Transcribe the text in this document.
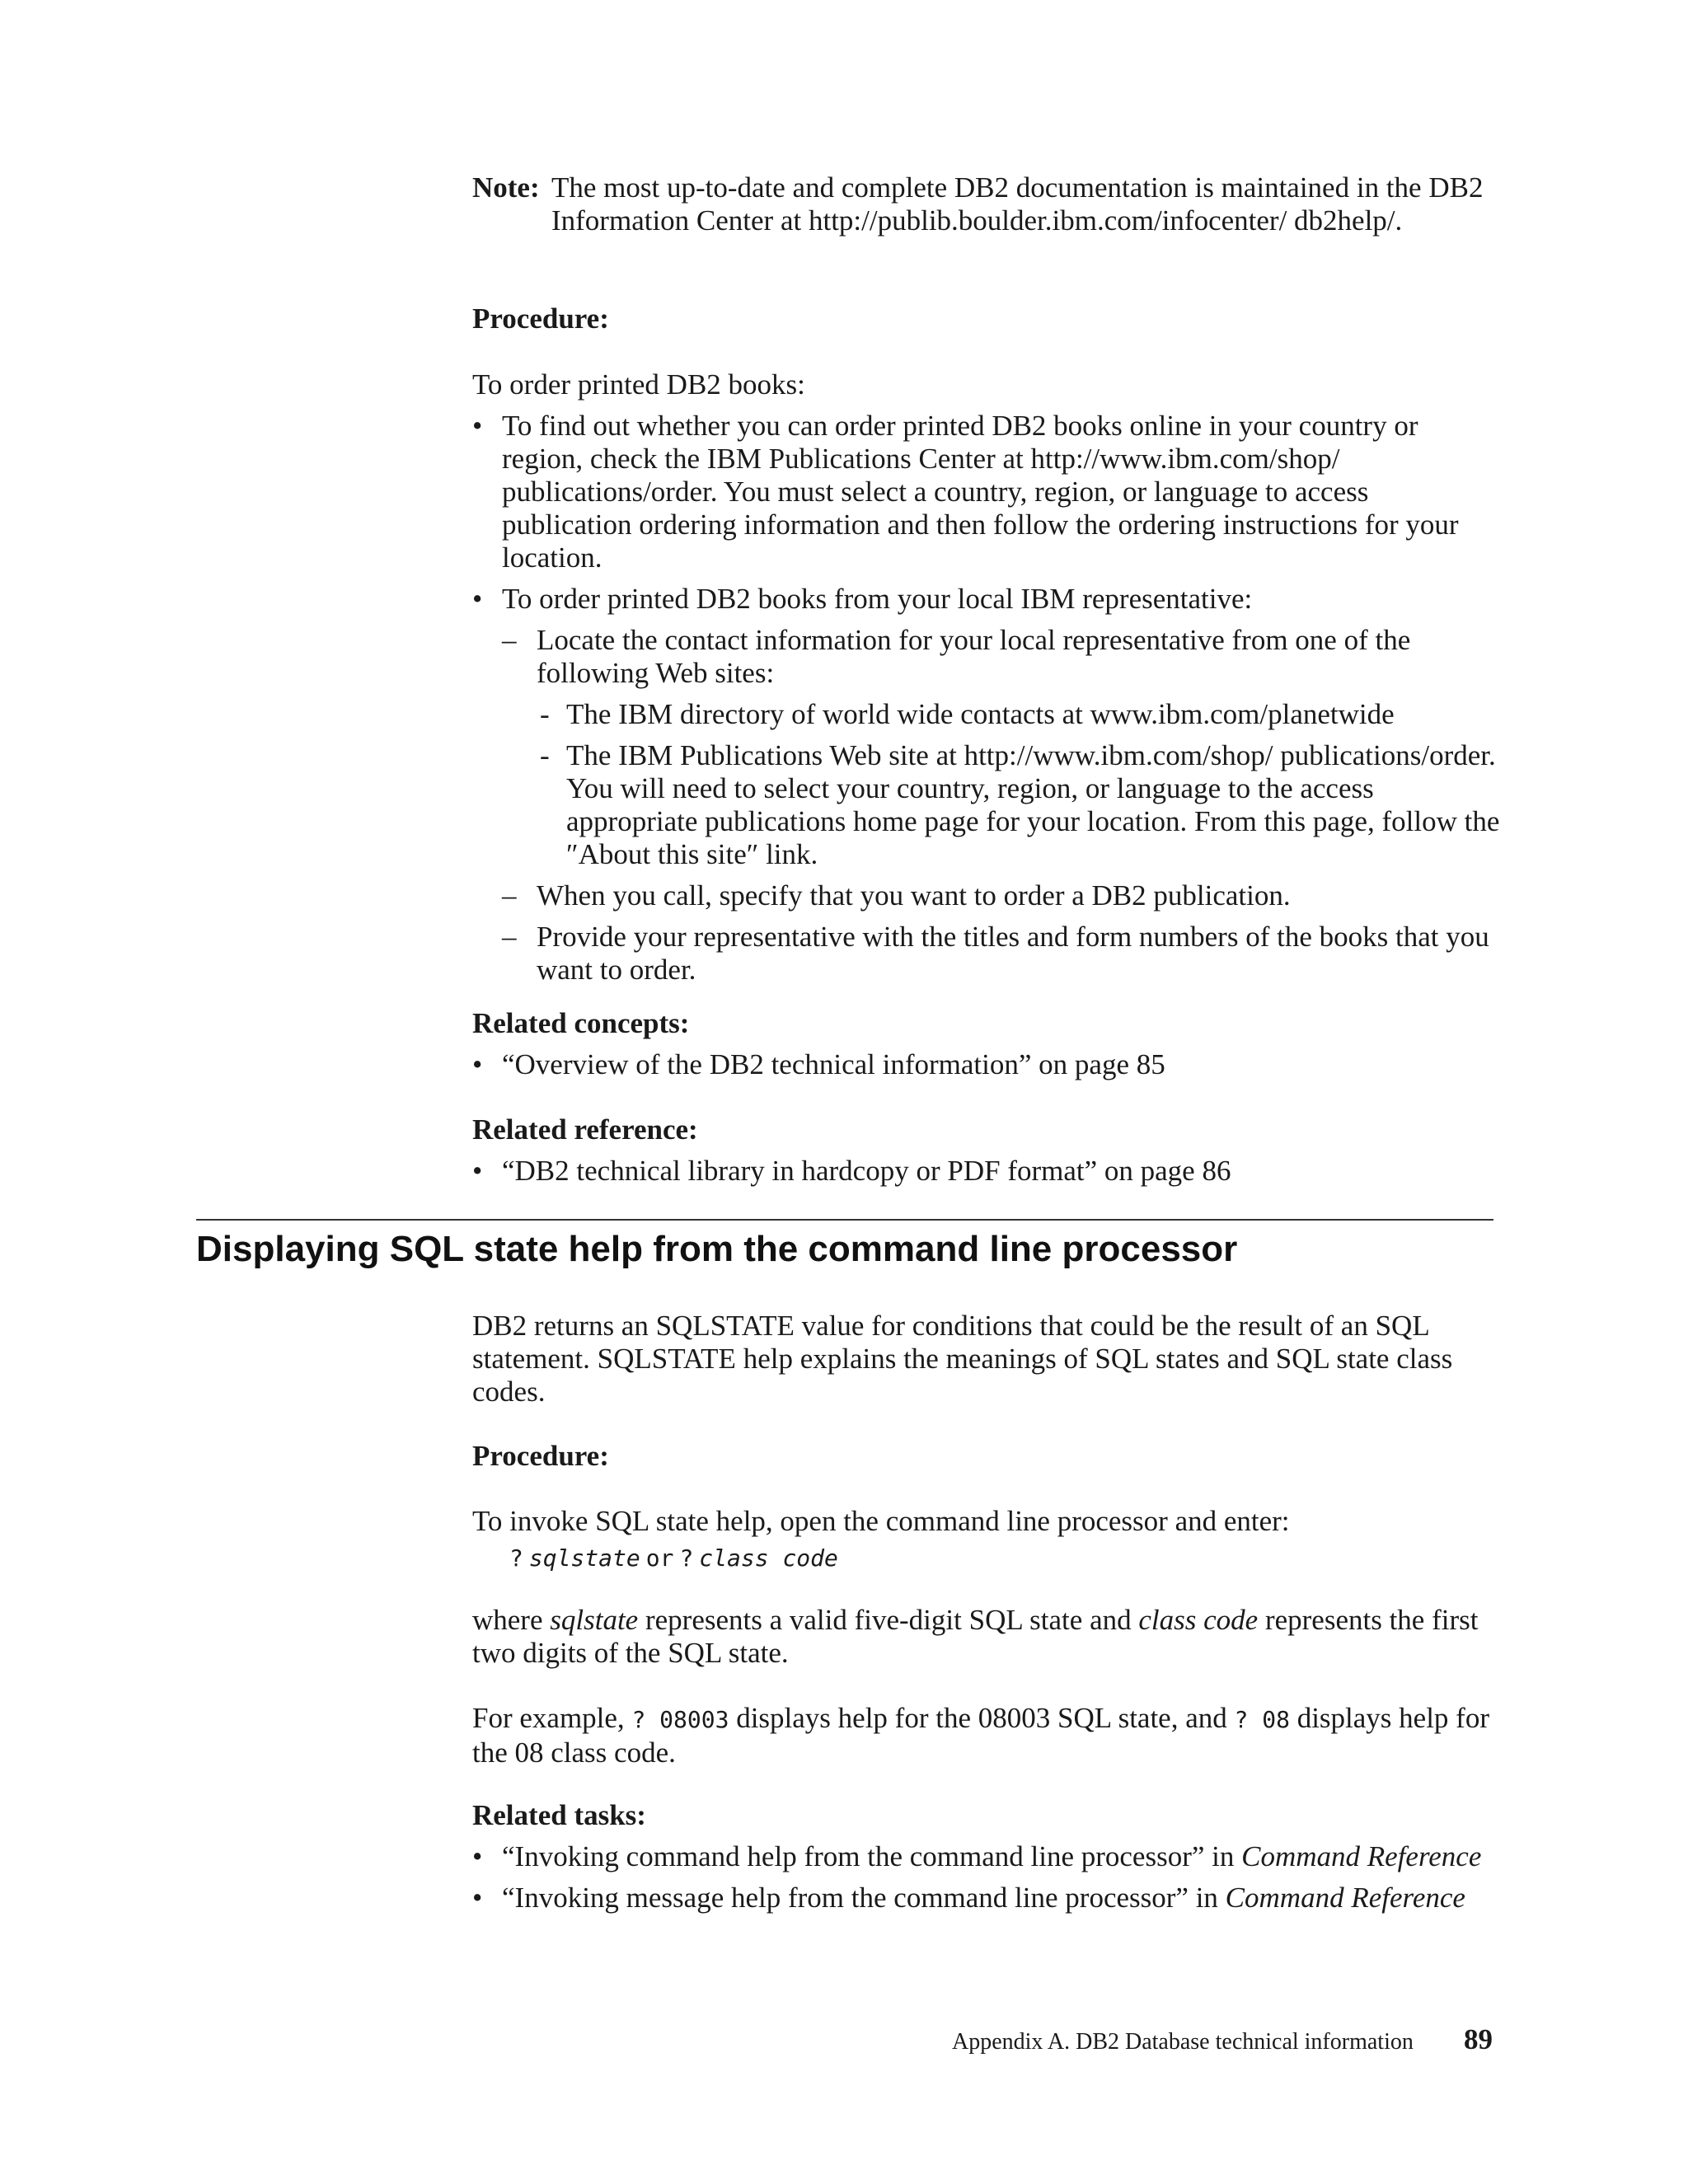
Note: The most up-to-date and complete DB2 documentation is maintained in the DB2 Information Center at http://publib.boulder.ibm.com/infocenter/ db2help/.

Procedure:

To order printed DB2 books:

• To find out whether you can order printed DB2 books online in your country or region, check the IBM Publications Center at http://www.ibm.com/shop/ publications/order. You must select a country, region, or language to access publication ordering information and then follow the ordering instructions for your location.
• To order printed DB2 books from your local IBM representative:
– Locate the contact information for your local representative from one of the following Web sites:
- The IBM directory of world wide contacts at www.ibm.com/planetwide
- The IBM Publications Web site at http://www.ibm.com/shop/ publications/order. You will need to select your country, region, or language to the access appropriate publications home page for your location. From this page, follow the ″About this site″ link.
– When you call, specify that you want to order a DB2 publication.
– Provide your representative with the titles and form numbers of the books that you want to order.

Related concepts:

• “Overview of the DB2 technical information” on page 85

Related reference:

• “DB2 technical library in hardcopy or PDF format” on page 86
Displaying SQL state help from the command line processor

DB2 returns an SQLSTATE value for conditions that could be the result of an SQL statement. SQLSTATE help explains the meanings of SQL states and SQL state class codes.

Procedure:

To invoke SQL state help, open the command line processor and enter:

? sqlstate or ? class code

where sqlstate represents a valid five-digit SQL state and class code represents the first two digits of the SQL state.

For example, ? 08003 displays help for the 08003 SQL state, and ? 08 displays help for the 08 class code.

Related tasks:

• “Invoking command help from the command line processor” in Command Reference
• “Invoking message help from the command line processor” in Command Reference
Appendix A. DB2 Database technical information 89
